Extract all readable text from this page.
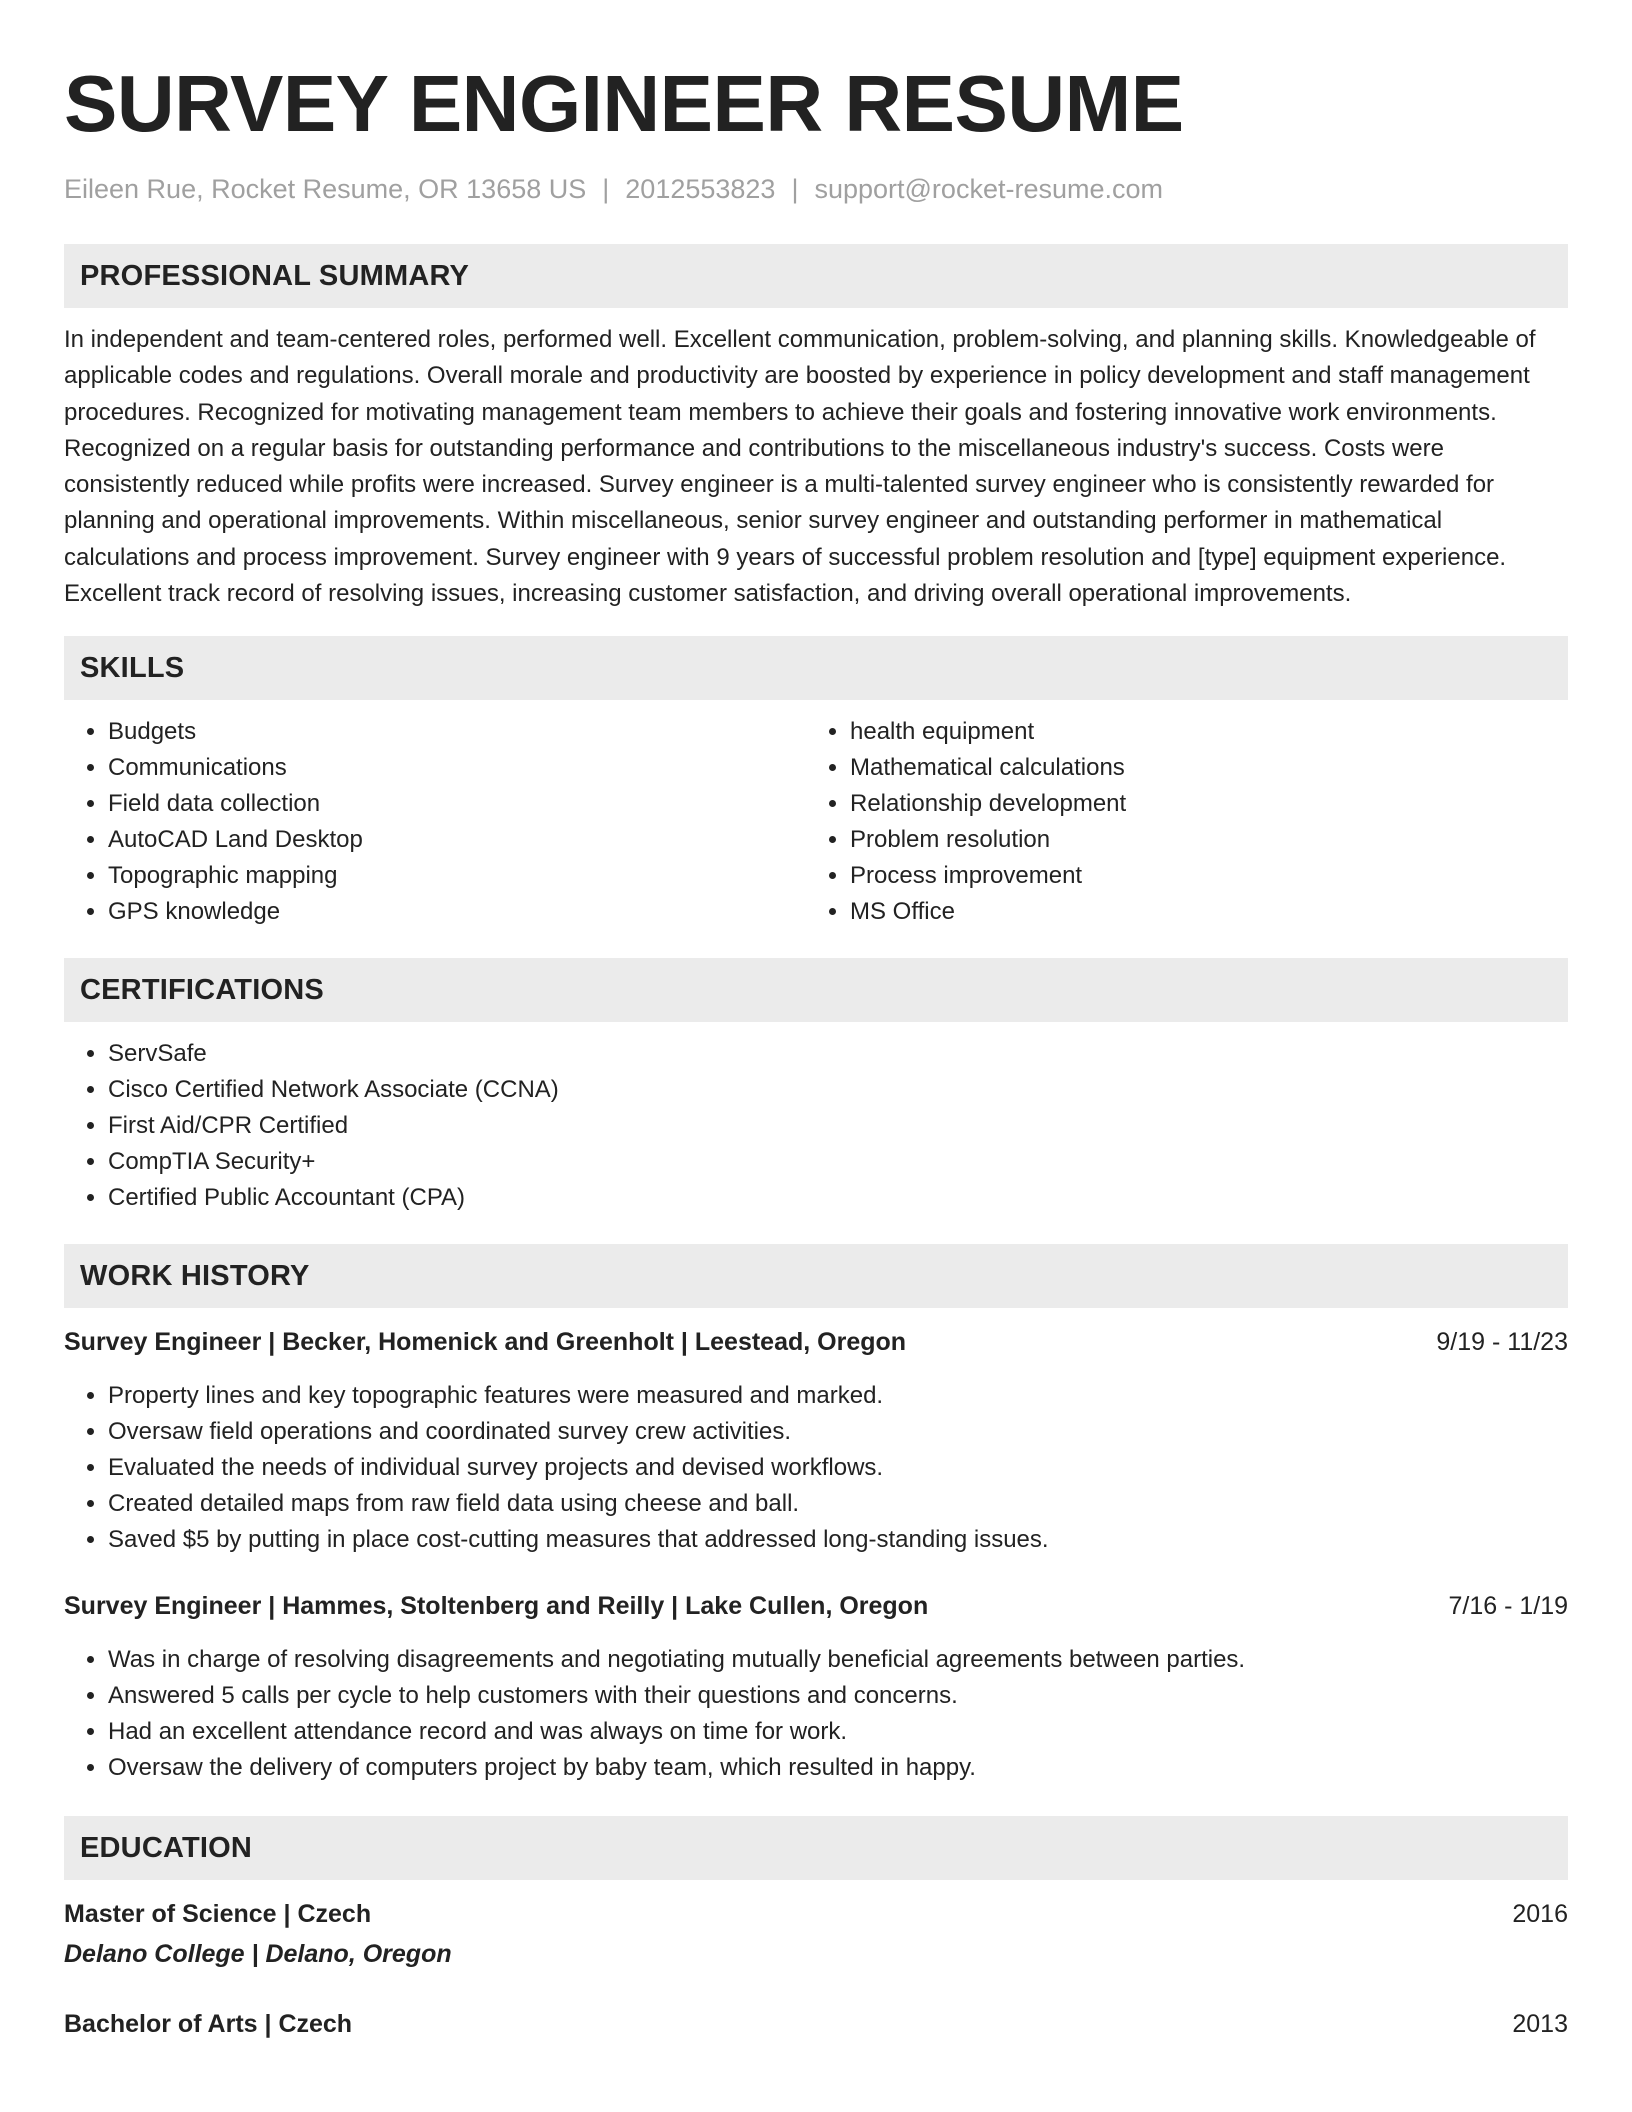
SURVEY ENGINEER RESUME
Eileen Rue, Rocket Resume, OR 13658 US | 2012553823 | support@rocket-resume.com
PROFESSIONAL SUMMARY

In independent and team-centered roles, performed well. Excellent communication, problem-solving, and planning skills. Knowledgeable of applicable codes and regulations. Overall morale and productivity are boosted by experience in policy development and staff management procedures. Recognized for motivating management team members to achieve their goals and fostering innovative work environments. Recognized on a regular basis for outstanding performance and contributions to the miscellaneous industry's success. Costs were consistently reduced while profits were increased. Survey engineer is a multi-talented survey engineer who is consistently rewarded for planning and operational improvements. Within miscellaneous, senior survey engineer and outstanding performer in mathematical calculations and process improvement. Survey engineer with 9 years of successful problem resolution and [type] equipment experience. Excellent track record of resolving issues, increasing customer satisfaction, and driving overall operational improvements.

SKILLS
• Budgets
• Communications
• Field data collection
• AutoCAD Land Desktop
• Topographic mapping
• GPS knowledge
• health equipment
• Mathematical calculations
• Relationship development
• Problem resolution
• Process improvement
• MS Office
CERTIFICATIONS
• ServSafe
• Cisco Certified Network Associate (CCNA)
• First Aid/CPR Certified
• CompTIA Security+
• Certified Public Accountant (CPA)
WORK HISTORY
Survey Engineer | Becker, Homenick and Greenholt | Leestead, Oregon	9/19 - 11/23
• Property lines and key topographic features were measured and marked.
• Oversaw field operations and coordinated survey crew activities.
• Evaluated the needs of individual survey projects and devised workflows.
• Created detailed maps from raw field data using cheese and ball.
• Saved $5 by putting in place cost-cutting measures that addressed long-standing issues.
Survey Engineer | Hammes, Stoltenberg and Reilly | Lake Cullen, Oregon	7/16 - 1/19
• Was in charge of resolving disagreements and negotiating mutually beneficial agreements between parties.
• Answered 5 calls per cycle to help customers with their questions and concerns.
• Had an excellent attendance record and was always on time for work.
• Oversaw the delivery of computers project by baby team, which resulted in happy.
EDUCATION
Master of Science | Czech	2016
Delano College | Delano, Oregon
Bachelor of Arts | Czech	2013
